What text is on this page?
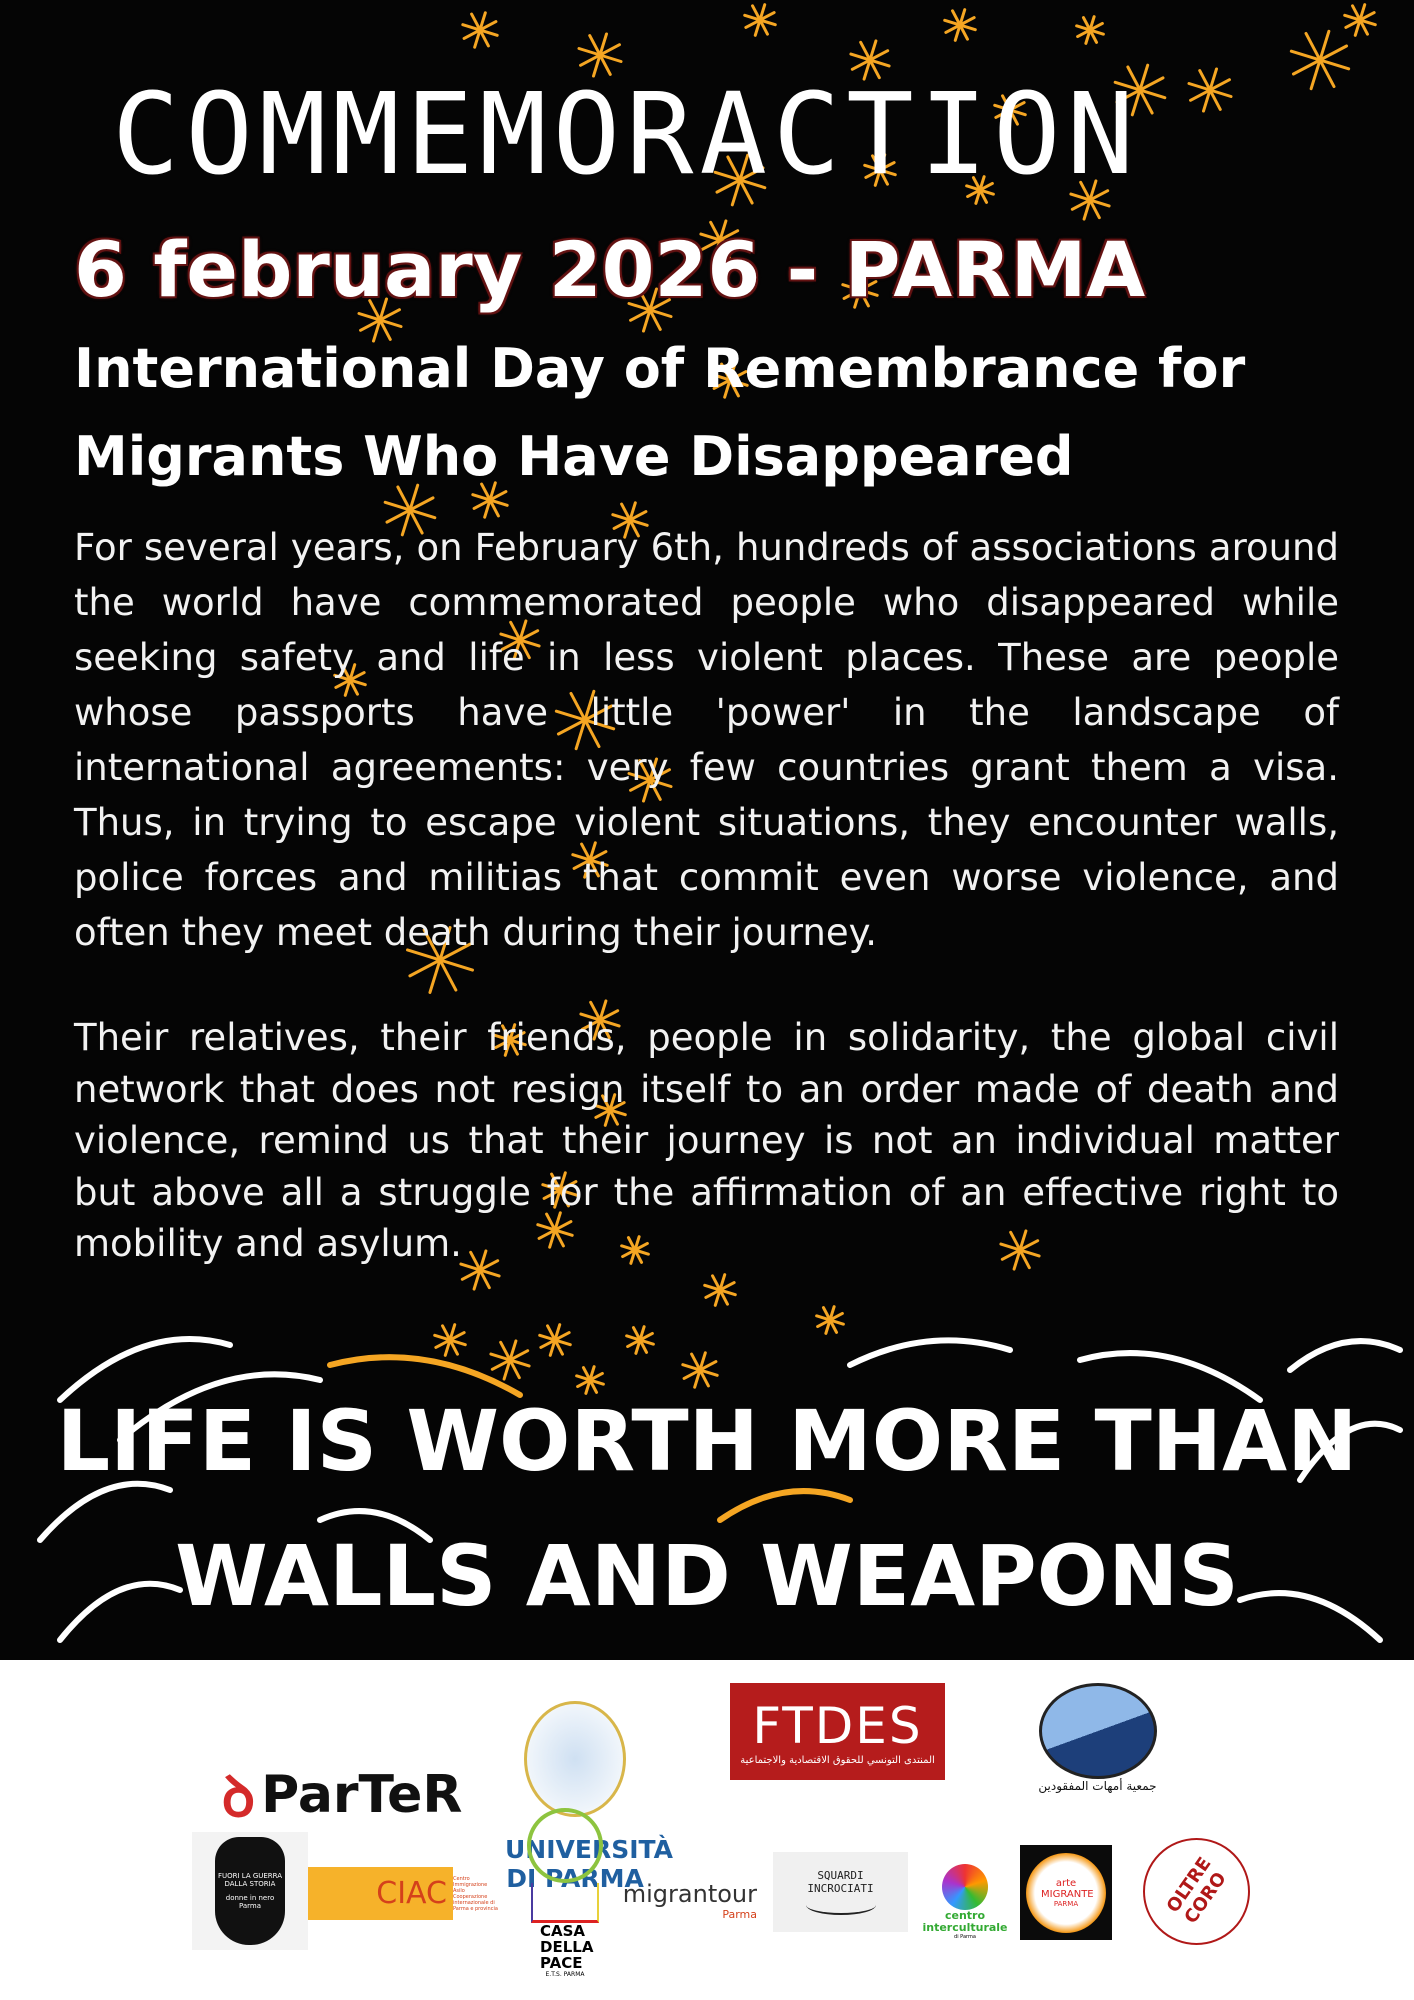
COMMEMORACTION
6 february 2026 - PARMA
International Day of Remembrance for Migrants Who Have Disappeared
For several years, on February 6th, hundreds of associations around the world have commemorated people who disappeared while seeking safety and life in less violent places. These are people whose passports have little 'power' in the landscape of international agreements: very few countries grant them a visa. Thus, in trying to escape violent situations, they encounter walls, police forces and militias that commit even worse violence, and often they meet death during their journey.
Their relatives, their friends, people in solidarity, the global civil network that does not resign itself to an order made of death and violence, remind us that their journey is not an individual matter but above all a struggle for the affirmation of an effective right to mobility and asylum.
LIFE IS WORTH MORE THAN WALLS AND WEAPONS
ꝺ ParTeR
UNIVERSITÀ DI PARMA
FTDES
المنتدى التونسي للحقوق الاقتصادية والاجتماعية
جمعية أمهات المفقودين
FUORI LA GUERRA DALLA STORIA
donne in nero Parma	CIAC Centro Immigrazione Asilo Cooperazione internazionale di Parma e provincia
CASA DELLA PACE
E.T.S. PARMA
migrantour
Parma
SQUARDI INCROCIATI
centro interculturale
di Parma
arte MIGRANTE
PARMA	OLTRE CORO
